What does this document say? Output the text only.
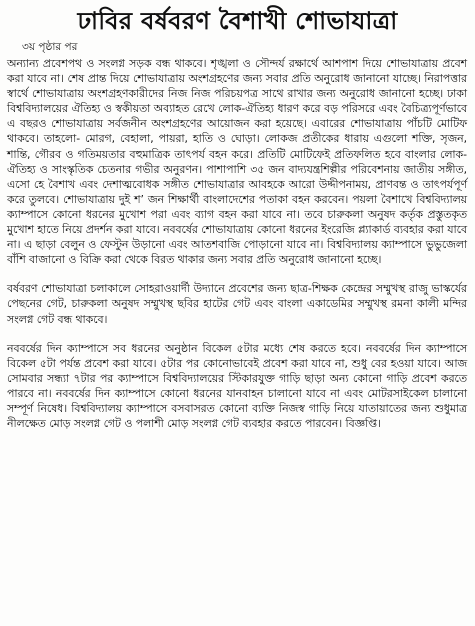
ঢাবির বর্ষবরণ বৈশাখী শোভাযাত্রা
৩য় পৃষ্ঠার পর

অন্যান্য প্রবেশপথ ও সংলগ্ন সড়ক বন্ধ থাকবে। শৃঙ্খলা ও সৌন্দর্য রক্ষার্থে আশপাশ দিয়ে শোভাযাত্রায় প্রবেশ করা যাবে না। শেষ প্রান্ত দিয়ে শোভাযাত্রায় অংশগ্রহণের জন্য সবার প্রতি অনুরোধ জানানো যাচ্ছে। নিরাপত্তার স্বার্থে শোভাযাত্রায় অংশগ্রহণকারীদের নিজ নিজ পরিচয়পত্র সাথে রাখার জন্য অনুরোধ জানানো হচ্ছে। ঢাকা বিশ্ববিদ্যালয়ের ঐতিহ্য ও স্বকীয়তা অব্যাহত রেখে লোক-ঐতিহ্য ধারণ করে বড় পরিসরে এবং বৈচিত্র্যপূর্ণভাবে এ বছরও শোভাযাত্রায় সর্বজনীন অংশগ্রহণের আয়োজন করা হয়েছে। এবারের শোভাযাত্রায় পাঁচটি মোটিফ থাকবে। তাহলো- মোরগ, বেহালা, পায়রা, হাতি ও ঘোড়া। লোকজ প্রতীকের ধারায় এগুলো শক্তি, সৃজন, শান্তি, গৌরব ও গতিময়তার বহুমাত্রিক তাৎপর্য বহন করে। প্রতিটি মোটিফেই প্রতিফলিত হবে বাংলার লোক-ঐতিহ্য ও সাংস্কৃতিক চেতনার গভীর অনুরণন। পাশাপাশি ৩৫ জন বাদ্যযন্ত্রশিল্পীর পরিবেশনায় জাতীয় সঙ্গীত, এসো হে বৈশাখ এবং দেশাত্মবোধক সঙ্গীত শোভাযাত্রার আবহকে আরো উদ্দীপনাময়, প্রাণবন্ত ও তাৎপর্যপূর্ণ করে তুলবে। শোভাযাত্রায় দুই শ’ জন শিক্ষার্থী বাংলাদেশের পতাকা বহন করবেন। পয়লা বৈশাখে বিশ্ববিদ্যালয় ক্যাম্পাসে কোনো ধরনের মুখোশ পরা এবং ব্যাগ বহন করা যাবে না। তবে চারুকলা অনুষদ কর্তৃক প্রস্তুতকৃত মুখোশ হাতে নিয়ে প্রদর্শন করা যাবে। নববর্ষের শোভাযাত্রায় কোনো ধরনের ইংরেজি প্ল্যাকার্ড ব্যবহার করা যাবে না। এ ছাড়া বেলুন ও ফেস্টুন উড়ানো এবং আতশবাজি পোড়ানো যাবে না। বিশ্ববিদ্যালয় ক্যাম্পাসে ভুভুজেলা বাঁশি বাজানো ও বিক্রি করা থেকে বিরত থাকার জন্য সবার প্রতি অনুরোধ জানানো হচ্ছে।

বর্ষবরণ শোভাযাত্রা চলাকালে সোহরাওয়ার্দী উদ্যানে প্রবেশের জন্য ছাত্র-শিক্ষক কেন্দ্রের সম্মুখস্থ রাজু ভাস্কর্যের পেছনের গেট, চারুকলা অনুষদ সম্মুখস্থ ছবির হাটের গেট এবং বাংলা একাডেমির সম্মুখস্থ রমনা কালী মন্দির সংলগ্ন গেট বন্ধ থাকবে।

নববর্ষের দিন ক্যাম্পাসে সব ধরনের অনুষ্ঠান বিকেল ৫টার মধ্যে শেষ করতে হবে। নববর্ষের দিন ক্যাম্পাসে বিকেল ৫টা পর্যন্ত প্রবেশ করা যাবে। ৫টার পর কোনোভাবেই প্রবেশ করা যাবে না, শুধু বের হওয়া যাবে। আজ সোমবার সন্ধ্যা ৭টার পর ক্যাম্পাসে বিশ্ববিদ্যালয়ের স্টিকারযুক্ত গাড়ি ছাড়া অন্য কোনো গাড়ি প্রবেশ করতে পারবে না। নববর্ষের দিন ক্যাম্পাসে কোনো ধরনের যানবাহন চালানো যাবে না এবং মোটরসাইকেল চালানো সম্পূর্ণ নিষেধ। বিশ্ববিদ্যালয় ক্যাম্পাসে বসবাসরত কোনো ব্যক্তি নিজস্ব গাড়ি নিয়ে যাতায়াতের জন্য শুধুমাত্র নীলক্ষেত মোড় সংলগ্ন গেট ও পলাশী মোড় সংলগ্ন গেট ব্যবহার করতে পারবেন। বিজ্ঞপ্তি।
